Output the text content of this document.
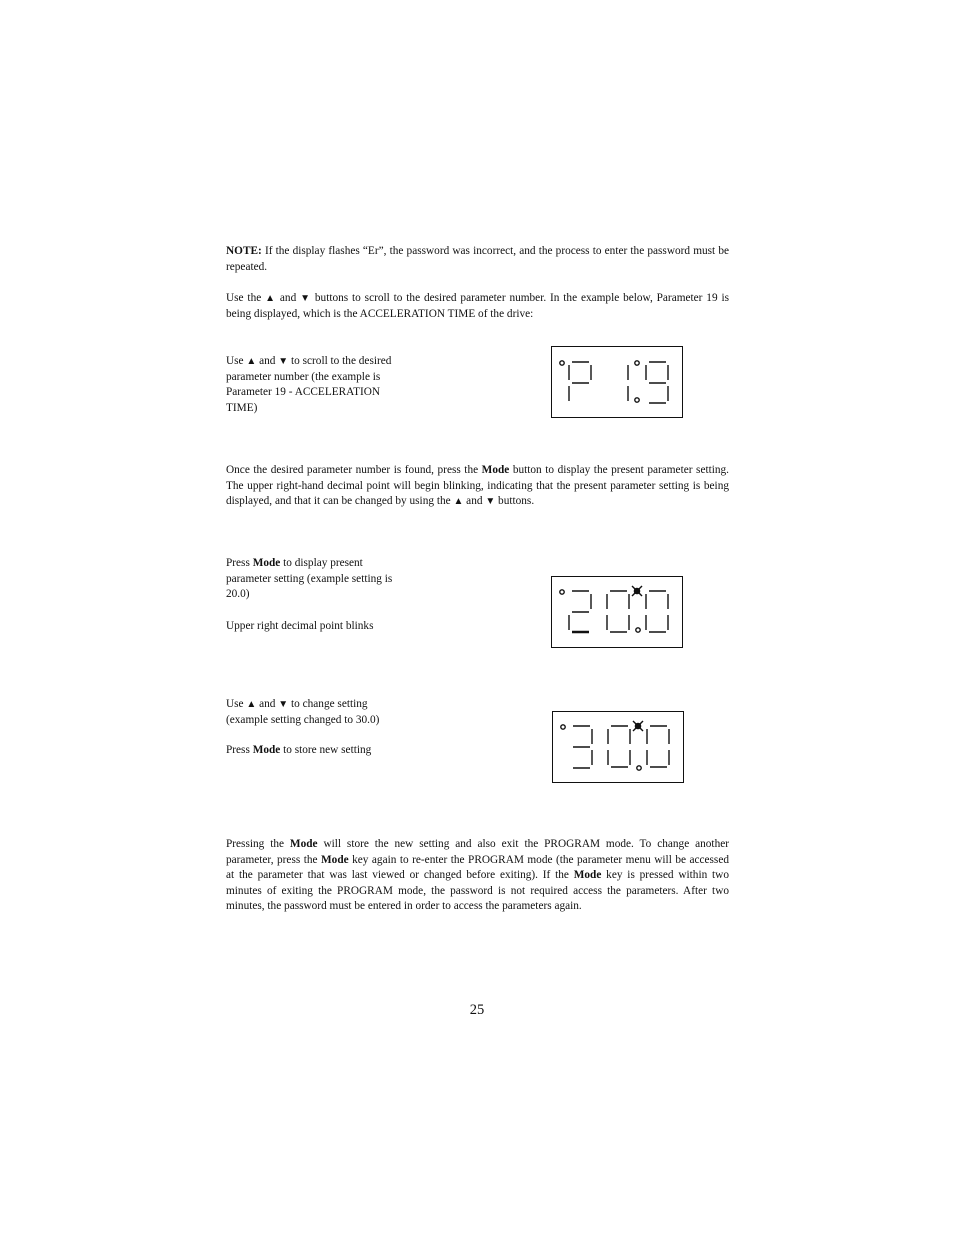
NOTE: If the display flashes “Er”, the password was incorrect, and the process to enter the password must be repeated.

Use the ▲ and ▼ buttons to scroll to the desired parameter number. In the example below, Parameter 19 is being displayed, which is the ACCELERATION TIME of the drive:

Use ▲ and ▼ to scroll to the desired parameter number (the example is Parameter 19 - ACCELERATION TIME)

Once the desired parameter number is found, press the Mode button to display the present parameter setting. The upper right-hand decimal point will begin blinking, indicating that the present parameter setting is being displayed, and that it can be changed by using the ▲ and ▼ buttons.

Press Mode to display present parameter setting (example setting is 20.0)

Upper right decimal point blinks

Use ▲ and ▼ to change setting (example setting changed to 30.0)

Press Mode to store new setting

Pressing the Mode will store the new setting and also exit the PROGRAM mode. To change another parameter, press the Mode key again to re-enter the PROGRAM mode (the parameter menu will be accessed at the parameter that was last viewed or changed before exiting). If the Mode key is pressed within two minutes of exiting the PROGRAM mode, the password is not required access the parameters. After two minutes, the password must be entered in order to access the parameters again.

25
